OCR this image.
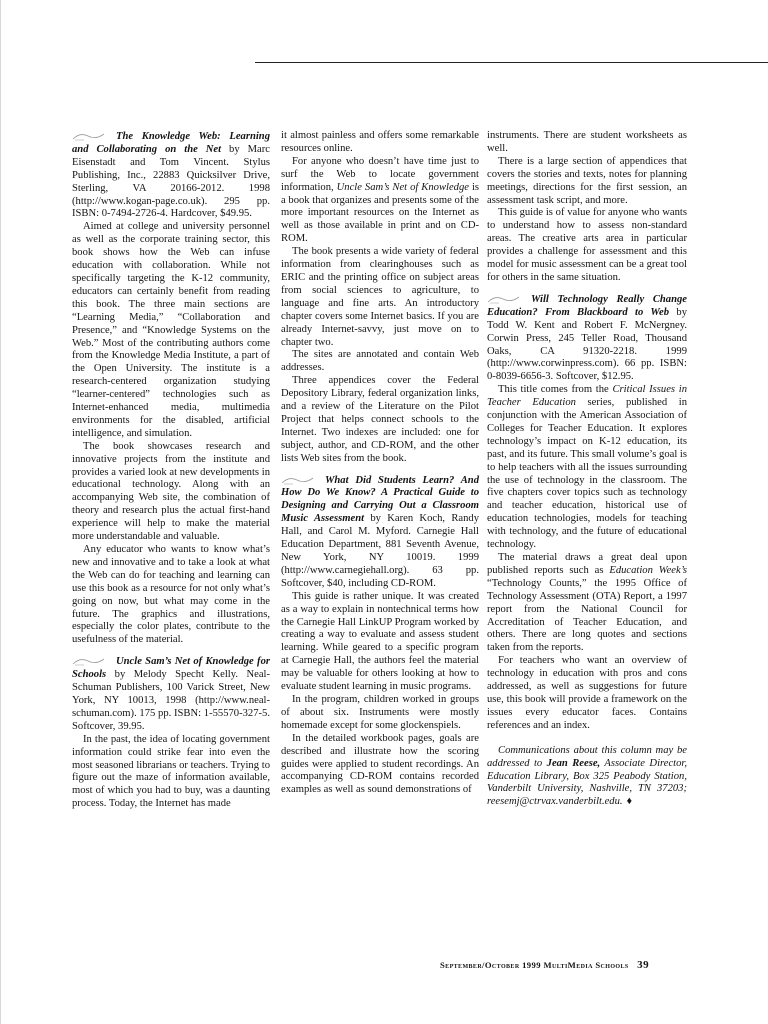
The Knowledge Web: Learning and Collaborating on the Net by Marc Eisenstadt and Tom Vincent. Stylus Publishing, Inc., 22883 Quicksilver Drive, Sterling, VA 20166-2012. 1998 (http://www.kogan-page.co.uk). 295 pp. ISBN: 0-7494-2726-4. Hardcover, $49.95.

Aimed at college and university personnel as well as the corporate training sector, this book shows how the Web can infuse education with collaboration. While not specifically targeting the K-12 community, educators can certainly benefit from reading this book. The three main sections are “Learning Media,” “Collaboration and Presence,” and “Knowledge Systems on the Web.” Most of the contributing authors come from the Knowledge Media Institute, a part of the Open University. The institute is a research-centered organization studying “learner-centered” technologies such as Internet-enhanced media, multimedia environments for the disabled, artificial intelligence, and simulation.

The book showcases research and innovative projects from the institute and provides a varied look at new developments in educational technology. Along with an accompanying Web site, the combination of theory and research plus the actual first-hand experience will help to make the material more understandable and valuable.

Any educator who wants to know what’s new and innovative and to take a look at what the Web can do for teaching and learning can use this book as a resource for not only what’s going on now, but what may come in the future. The graphics and illustrations, especially the color plates, contribute to the usefulness of the material.

Uncle Sam’s Net of Knowledge for Schools by Melody Specht Kelly. Neal-Schuman Publishers, 100 Varick Street, New York, NY 10013, 1998 (http://www.neal-schuman.com). 175 pp. ISBN: 1-55570-327-5. Softcover, 39.95.

In the past, the idea of locating government information could strike fear into even the most seasoned librarians or teachers. Trying to figure out the maze of information available, most of which you had to buy, was a daunting process. Today, the Internet has made

it almost painless and offers some remarkable resources online.

For anyone who doesn’t have time just to surf the Web to locate government information, Uncle Sam’s Net of Knowledge is a book that organizes and presents some of the more important resources on the Internet as well as those available in print and on CD-ROM.

The book presents a wide variety of federal information from clearinghouses such as ERIC and the printing office on subject areas from social sciences to agriculture, to language and fine arts. An introductory chapter covers some Internet basics. If you are already Internet-savvy, just move on to chapter two.

The sites are annotated and contain Web addresses.

Three appendices cover the Federal Depository Library, federal organization links, and a review of the Literature on the Pilot Project that helps connect schools to the Internet. Two indexes are included: one for subject, author, and CD-ROM, and the other lists Web sites from the book.

What Did Students Learn? And How Do We Know? A Practical Guide to Designing and Carrying Out a Classroom Music Assessment by Karen Koch, Randy Hall, and Carol M. Myford. Carnegie Hall Education Department, 881 Seventh Avenue, New York, NY 10019. 1999 (http://www.carnegiehall.org). 63 pp. Softcover, $40, including CD-ROM.

This guide is rather unique. It was created as a way to explain in nontechnical terms how the Carnegie Hall LinkUP Program worked by creating a way to evaluate and assess student learning. While geared to a specific program at Carnegie Hall, the authors feel the material may be valuable for others looking at how to evaluate student learning in music programs.

In the program, children worked in groups of about six. Instruments were mostly homemade except for some glockenspiels.

In the detailed workbook pages, goals are described and illustrate how the scoring guides were applied to student recordings. An accompanying CD-ROM contains recorded examples as well as sound demonstrations of

instruments. There are student worksheets as well.

There is a large section of appendices that covers the stories and texts, notes for planning meetings, directions for the first session, an assessment task script, and more.

This guide is of value for anyone who wants to understand how to assess non-standard areas. The creative arts area in particular provides a challenge for assessment and this model for music assessment can be a great tool for others in the same situation.

Will Technology Really Change Education? From Blackboard to Web by Todd W. Kent and Robert F. McNergney. Corwin Press, 245 Teller Road, Thousand Oaks, CA 91320-2218. 1999 (http://www.corwinpress.com). 66 pp. ISBN: 0-8039-6656-3. Softcover, $12.95.

This title comes from the Critical Issues in Teacher Education series, published in conjunction with the American Association of Colleges for Teacher Education. It explores technology’s impact on K-12 education, its past, and its future. This small volume’s goal is to help teachers with all the issues surrounding the use of technology in the classroom. The five chapters cover topics such as technology and teacher education, historical use of education technologies, models for teaching with technology, and the future of educational technology.

The material draws a great deal upon published reports such as Education Week’s “Technology Counts,” the 1995 Office of Technology Assessment (OTA) Report, a 1997 report from the National Council for Accreditation of Teacher Education, and others. There are long quotes and sections taken from the reports.

For teachers who want an overview of technology in education with pros and cons addressed, as well as suggestions for future use, this book will provide a framework on the issues every educator faces. Contains references and an index.

Communications about this column may be addressed to Jean Reese, Associate Director, Education Library, Box 325 Peabody Station, Vanderbilt University, Nashville, TN 37203; reesemj@ctrvax.vanderbilt.edu. ♦

September/October 1999 MultiMedia Schools 39
